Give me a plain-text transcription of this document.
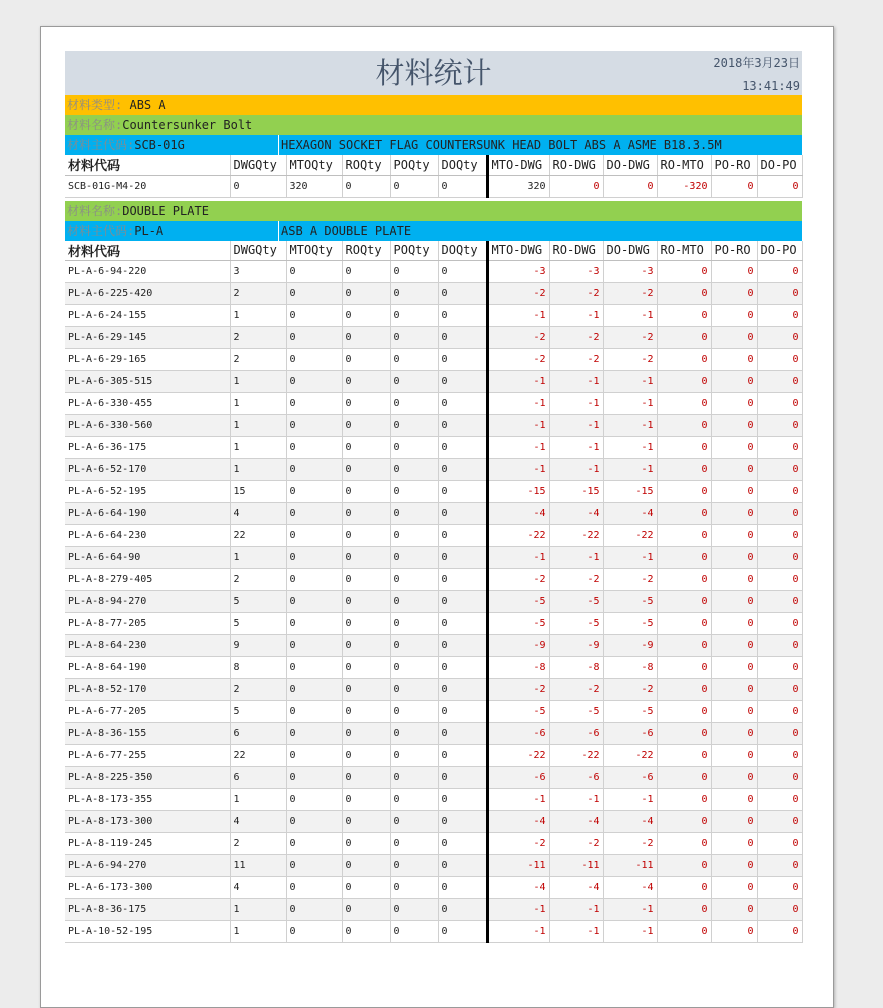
材料统计	2018年3月23日
13:41:49
材料类型: ABS A
材料名称:Countersunker Bolt
材料主代码:SCB-01G	HEXAGON SOCKET FLAG COUNTERSUNK HEAD BOLT ABS A ASME B18.3.5M
材料代码	DWGQty	MTOQty	ROQty	POQty	DOQty	MTO-DWG	RO-DWG	DO-DWG	RO-MTO	PO-RO	DO-PO
SCB-01G-M4-20	0	320	0	0	0	320	0	0	-320	0	0
材料名称:DOUBLE PLATE
材料主代码:PL-A	ASB A DOUBLE PLATE
材料代码	DWGQty	MTOQty	ROQty	POQty	DOQty	MTO-DWG	RO-DWG	DO-DWG	RO-MTO	PO-RO	DO-PO
PL-A-6-94-220	3	0	0	0	0	-3	-3	-3	0	0	0
PL-A-6-225-420	2	0	0	0	0	-2	-2	-2	0	0	0
PL-A-6-24-155	1	0	0	0	0	-1	-1	-1	0	0	0
PL-A-6-29-145	2	0	0	0	0	-2	-2	-2	0	0	0
PL-A-6-29-165	2	0	0	0	0	-2	-2	-2	0	0	0
PL-A-6-305-515	1	0	0	0	0	-1	-1	-1	0	0	0
PL-A-6-330-455	1	0	0	0	0	-1	-1	-1	0	0	0
PL-A-6-330-560	1	0	0	0	0	-1	-1	-1	0	0	0
PL-A-6-36-175	1	0	0	0	0	-1	-1	-1	0	0	0
PL-A-6-52-170	1	0	0	0	0	-1	-1	-1	0	0	0
PL-A-6-52-195	15	0	0	0	0	-15	-15	-15	0	0	0
PL-A-6-64-190	4	0	0	0	0	-4	-4	-4	0	0	0
PL-A-6-64-230	22	0	0	0	0	-22	-22	-22	0	0	0
PL-A-6-64-90	1	0	0	0	0	-1	-1	-1	0	0	0
PL-A-8-279-405	2	0	0	0	0	-2	-2	-2	0	0	0
PL-A-8-94-270	5	0	0	0	0	-5	-5	-5	0	0	0
PL-A-8-77-205	5	0	0	0	0	-5	-5	-5	0	0	0
PL-A-8-64-230	9	0	0	0	0	-9	-9	-9	0	0	0
PL-A-8-64-190	8	0	0	0	0	-8	-8	-8	0	0	0
PL-A-8-52-170	2	0	0	0	0	-2	-2	-2	0	0	0
PL-A-6-77-205	5	0	0	0	0	-5	-5	-5	0	0	0
PL-A-8-36-155	6	0	0	0	0	-6	-6	-6	0	0	0
PL-A-6-77-255	22	0	0	0	0	-22	-22	-22	0	0	0
PL-A-8-225-350	6	0	0	0	0	-6	-6	-6	0	0	0
PL-A-8-173-355	1	0	0	0	0	-1	-1	-1	0	0	0
PL-A-8-173-300	4	0	0	0	0	-4	-4	-4	0	0	0
PL-A-8-119-245	2	0	0	0	0	-2	-2	-2	0	0	0
PL-A-6-94-270	11	0	0	0	0	-11	-11	-11	0	0	0
PL-A-6-173-300	4	0	0	0	0	-4	-4	-4	0	0	0
PL-A-8-36-175	1	0	0	0	0	-1	-1	-1	0	0	0
PL-A-10-52-195	1	0	0	0	0	-1	-1	-1	0	0	0
